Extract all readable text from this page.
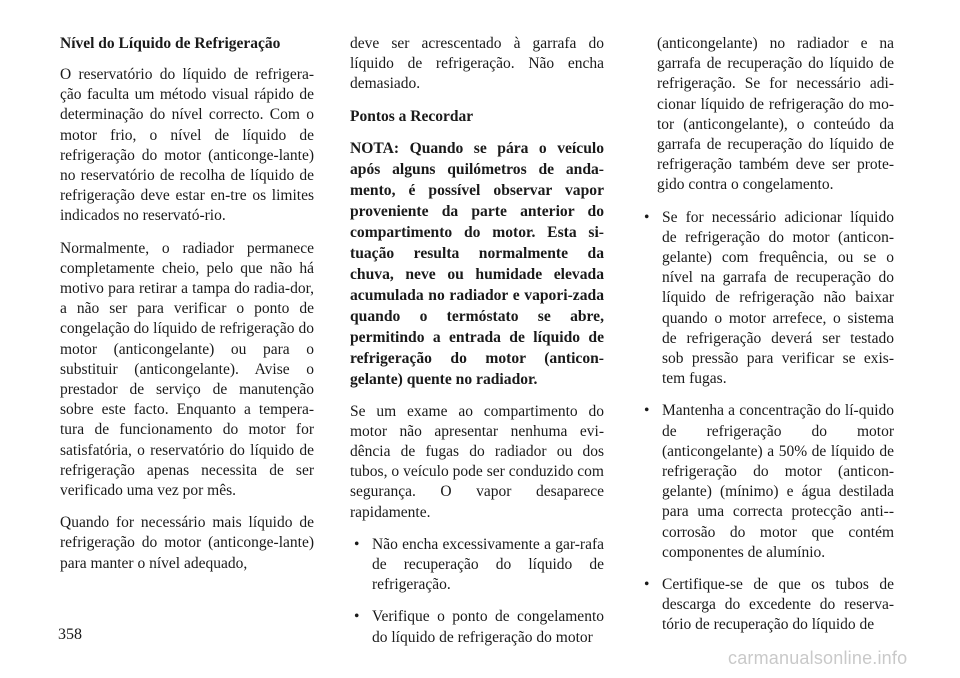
Nível do Líquido de Refrigeração

O reservatório do líquido de refrigera-ção faculta um método visual rápido de determinação do nível correcto. Com o motor frio, o nível de líquido de refrigeração do motor (anticonge-lante) no reservatório de recolha de líquido de refrigeração deve estar en-tre os limites indicados no reservató-rio.

Normalmente, o radiador permanece completamente cheio, pelo que não há motivo para retirar a tampa do radia-dor, a não ser para verificar o ponto de congelação do líquido de refrigeração do motor (anticongelante) ou para o substituir (anticongelante). Avise o prestador de serviço de manutenção sobre este facto. Enquanto a tempera-tura de funcionamento do motor for satisfatória, o reservatório do líquido de refrigeração apenas necessita de ser verificado uma vez por mês.

Quando for necessário mais líquido de refrigeração do motor (anticonge-lante) para manter o nível adequado,

deve ser acrescentado à garrafa do líquido de refrigeração. Não encha demasiado.

Pontos a Recordar

NOTA: Quando se pára o veículo após alguns quilómetros de anda-mento, é possível observar vapor proveniente da parte anterior do compartimento do motor. Esta si-tuação resulta normalmente da chuva, neve ou humidade elevada acumulada no radiador e vapori-zada quando o termóstato se abre, permitindo a entrada de líquido de refrigeração do motor (anticon-gelante) quente no radiador.

Se um exame ao compartimento do motor não apresentar nenhuma evi-dência de fugas do radiador ou dos tubos, o veículo pode ser conduzido com segurança. O vapor desaparece rapidamente.

• Não encha excessivamente a gar-rafa de recuperação do líquido de refrigeração.
• Verifique o ponto de congelamento do líquido de refrigeração do motor
(anticongelante) no radiador e na garrafa de recuperação do líquido de refrigeração. Se for necessário adi-cionar líquido de refrigeração do mo-tor (anticongelante), o conteúdo da garrafa de recuperação do líquido de refrigeração também deve ser prote-gido contra o congelamento.
• Se for necessário adicionar líquido de refrigeração do motor (anticon-gelante) com frequência, ou se o nível na garrafa de recuperação do líquido de refrigeração não baixar quando o motor arrefece, o sistema de refrigeração deverá ser testado sob pressão para verificar se exis-tem fugas.
• Mantenha a concentração do lí-quido de refrigeração do motor (anticongelante) a 50% de líquido de refrigeração do motor (anticon-gelante) (mínimo) e água destilada para uma correcta protecção anti--corrosão do motor que contém componentes de alumínio.
• Certifique-se de que os tubos de descarga do excedente do reserva-tório de recuperação do líquido de
358
carmanualsonline.info
